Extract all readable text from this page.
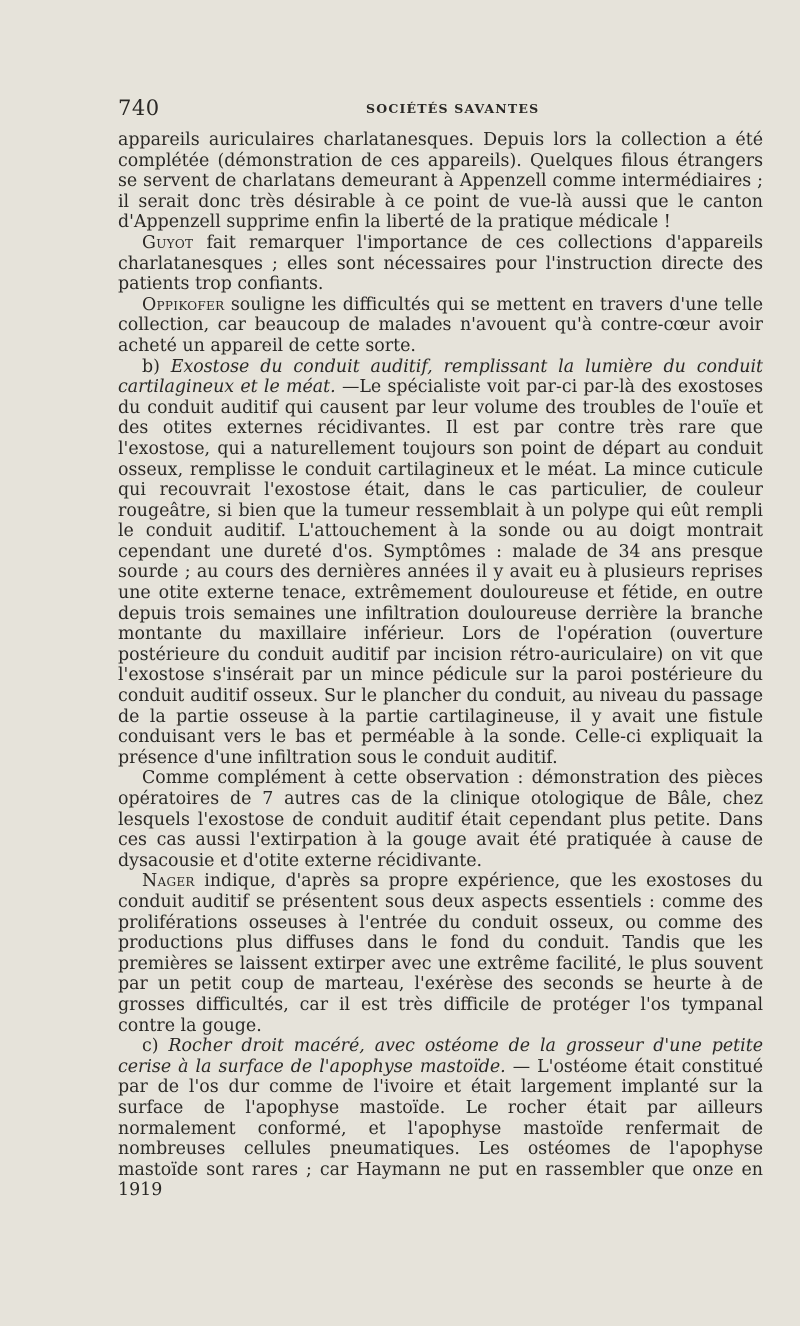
740	SOCIÉTÉS SAVANTES

appareils auriculaires charlatanesques. Depuis lors la collection a été complétée (démonstration de ces appareils). Quelques filous étrangers se servent de charlatans demeurant à Appenzell comme intermédiaires ; il serait donc très désirable à ce point de vue-là aussi que le canton d'Appenzell supprime enfin la liberté de la pratique médicale !

Guyot fait remarquer l'importance de ces collections d'appareils charlatanesques ; elles sont nécessaires pour l'instruction directe des patients trop confiants.

Oppikofer souligne les difficultés qui se mettent en travers d'une telle collection, car beaucoup de malades n'avouent qu'à contre-cœur avoir acheté un appareil de cette sorte.

b) Exostose du conduit auditif, remplissant la lumière du conduit cartilagineux et le méat. —Le spécialiste voit par-ci par-là des exostoses du conduit auditif qui causent par leur volume des troubles de l'ouïe et des otites externes récidivantes. Il est par contre très rare que l'exostose, qui a naturellement toujours son point de départ au conduit osseux, remplisse le conduit cartilagineux et le méat. La mince cuticule qui recouvrait l'exostose était, dans le cas particulier, de couleur rougeâtre, si bien que la tumeur ressemblait à un polype qui eût rempli le conduit auditif. L'attouchement à la sonde ou au doigt montrait cependant une dureté d'os. Symptômes : malade de 34 ans presque sourde ; au cours des dernières années il y avait eu à plusieurs reprises une otite externe tenace, extrêmement douloureuse et fétide, en outre depuis trois semaines une infiltration douloureuse derrière la branche montante du maxillaire inférieur. Lors de l'opération (ouverture postérieure du conduit auditif par incision rétro-auriculaire) on vit que l'exostose s'insérait par un mince pédicule sur la paroi postérieure du conduit auditif osseux. Sur le plancher du conduit, au niveau du passage de la partie osseuse à la partie cartilagineuse, il y avait une fistule conduisant vers le bas et perméable à la sonde. Celle-ci expliquait la présence d'une infiltration sous le conduit auditif.

Comme complément à cette observation : démonstration des pièces opératoires de 7 autres cas de la clinique otologique de Bâle, chez lesquels l'exostose de conduit auditif était cependant plus petite. Dans ces cas aussi l'extirpation à la gouge avait été pratiquée à cause de dysacousie et d'otite externe récidivante.

Nager indique, d'après sa propre expérience, que les exostoses du conduit auditif se présentent sous deux aspects essentiels : comme des proliférations osseuses à l'entrée du conduit osseux, ou comme des productions plus diffuses dans le fond du conduit. Tandis que les premières se laissent extirper avec une extrême facilité, le plus souvent par un petit coup de marteau, l'exérèse des seconds se heurte à de grosses difficultés, car il est très difficile de protéger l'os tympanal contre la gouge.

c) Rocher droit macéré, avec ostéome de la grosseur d'une petite cerise à la surface de l'apophyse mastoïde. — L'ostéome était constitué par de l'os dur comme de l'ivoire et était largement implanté sur la surface de l'apophyse mastoïde. Le rocher était par ailleurs normalement conformé, et l'apophyse mastoïde renfermait de nombreuses cellules pneumatiques. Les ostéomes de l'apophyse mastoïde sont rares ; car Haymann ne put en rassembler que onze en 1919
